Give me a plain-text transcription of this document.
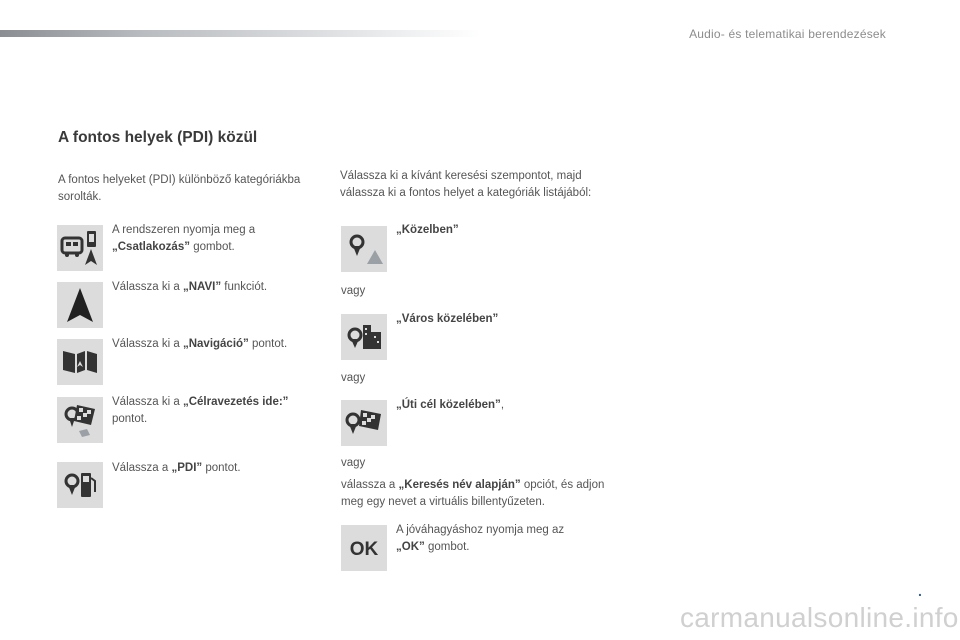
Audio- és telematikai berendezések
A fontos helyek (PDI) közül
A fontos helyeket (PDI) különböző kategóriákba sorolták.
A rendszeren nyomja meg a
„Csatlakozás” gombot.
Válassza ki a „NAVI” funkciót.
Válassza ki a „Navigáció” pontot.
Válassza ki a „Célravezetés ide:”
pontot.
Válassza a „PDI” pontot.
Válassza ki a kívánt keresési szempontot, majd válassza ki a fontos helyet a kategóriák listájából:
„Közelben”
vagy
„Város közelében”
vagy
„Úti cél közelében”,
vagy
válassza a „Keresés név alapján” opciót, és adjon meg egy nevet a virtuális billentyűzeten.
OK
A jóváhagyáshoz nyomja meg az
„OK” gombot.
.
carmanualsonline.info
